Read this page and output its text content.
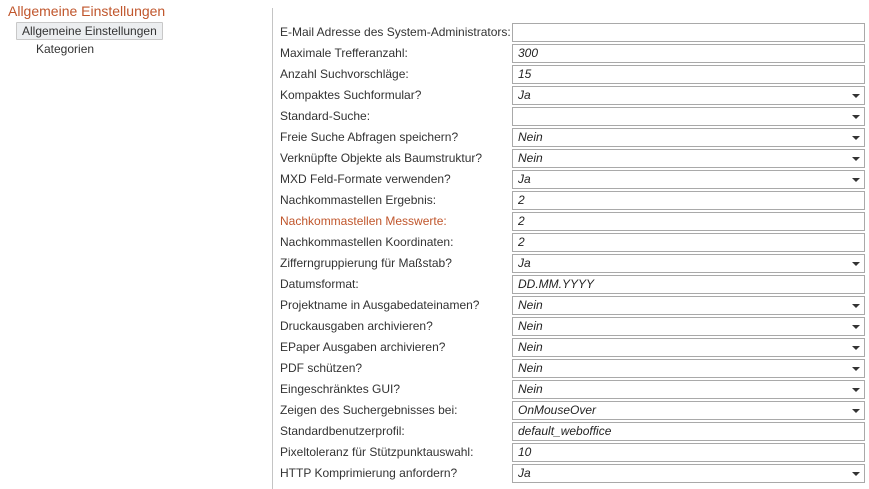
Allgemeine Einstellungen
Allgemeine Einstellungen
Kategorien
E-Mail Adresse des System-Administrators:
Maximale Trefferanzahl:	300
Anzahl Suchvorschläge:	15
Kompaktes Suchformular?	Ja
Standard-Suche:
Freie Suche Abfragen speichern?	Nein
Verknüpfte Objekte als Baumstruktur?	Nein
MXD Feld-Formate verwenden?	Ja
Nachkommastellen Ergebnis:	2
Nachkommastellen Messwerte:	2
Nachkommastellen Koordinaten:	2
Zifferngruppierung für Maßstab?	Ja
Datumsformat:	DD.MM.YYYY
Projektname in Ausgabedateinamen?	Nein
Druckausgaben archivieren?	Nein
EPaper Ausgaben archivieren?	Nein
PDF schützen?	Nein
Eingeschränktes GUI?	Nein
Zeigen des Suchergebnisses bei:	OnMouseOver
Standardbenutzerprofil:	default_weboffice
Pixeltoleranz für Stützpunktauswahl:	10
HTTP Komprimierung anfordern?	Ja
